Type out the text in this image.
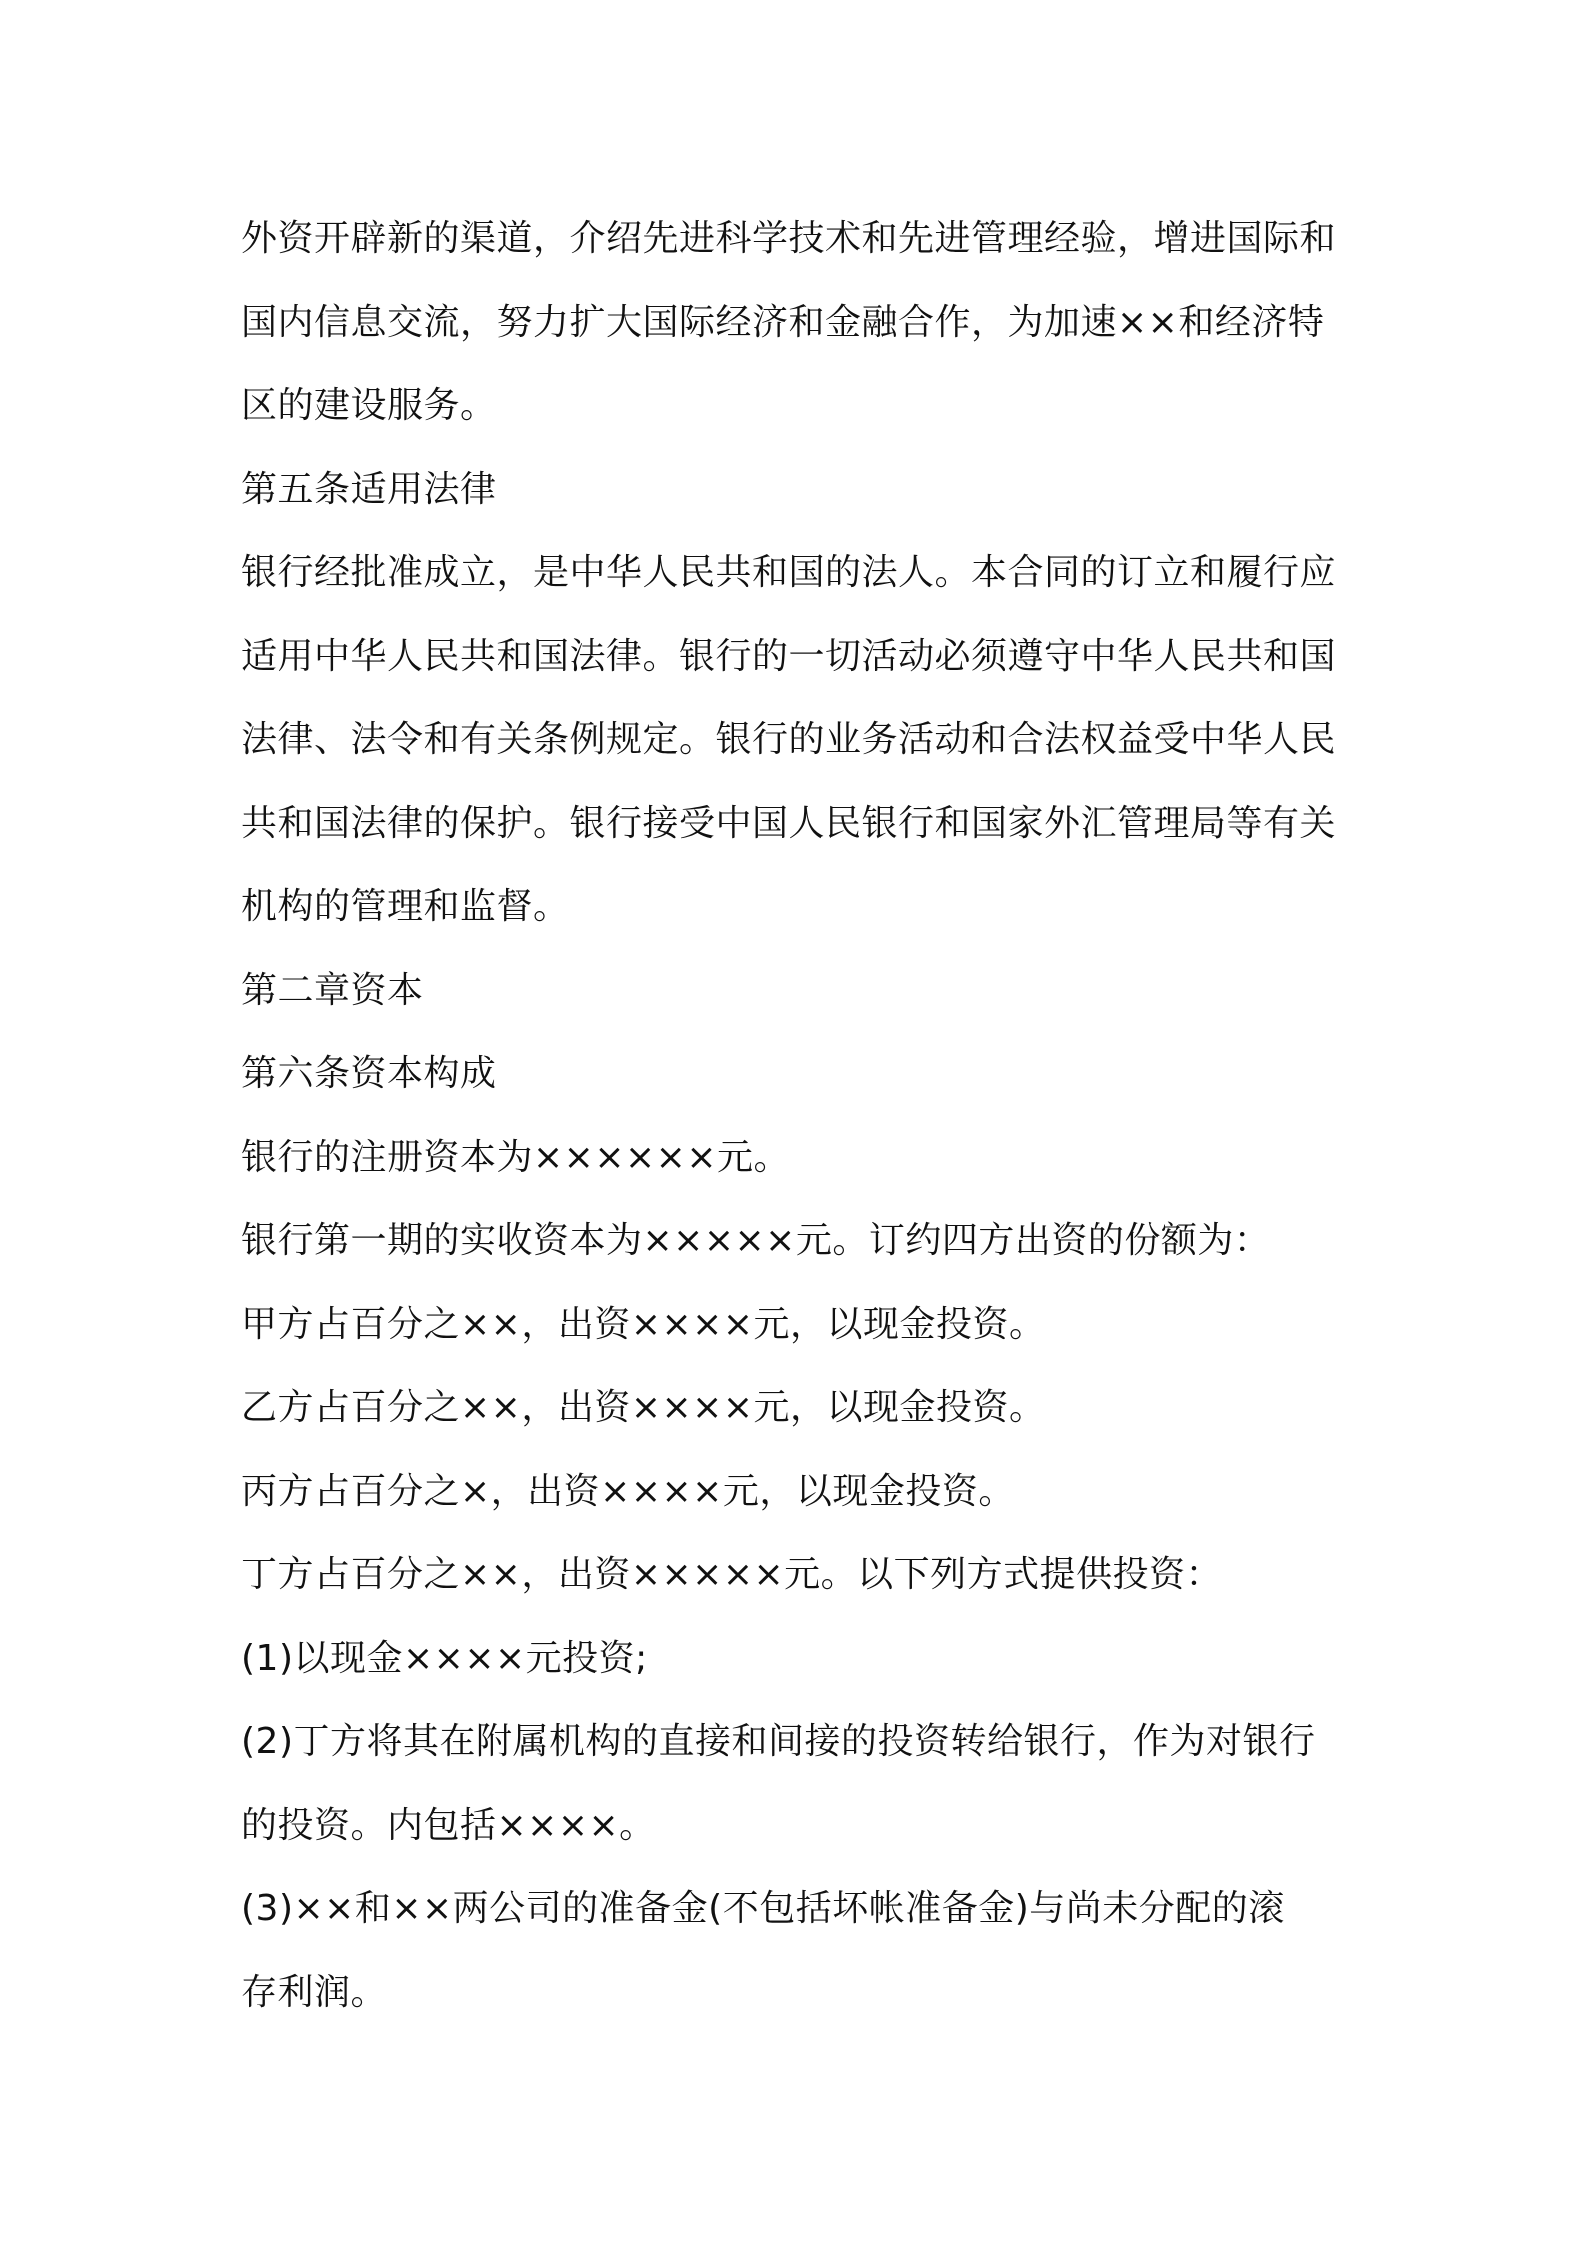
外资开辟新的渠道，介绍先进科学技术和先进管理经验，增进国际和
国内信息交流，努力扩大国际经济和金融合作，为加速××和经济特
区的建设服务。
第五条适用法律
银行经批准成立，是中华人民共和国的法人。本合同的订立和履行应
适用中华人民共和国法律。银行的一切活动必须遵守中华人民共和国
法律、法令和有关条例规定。银行的业务活动和合法权益受中华人民
共和国法律的保护。银行接受中国人民银行和国家外汇管理局等有关
机构的管理和监督。
第二章资本
第六条资本构成
银行的注册资本为××××××元。
银行第一期的实收资本为×××××元。订约四方出资的份额为：
甲方占百分之××，出资××××元，以现金投资。
乙方占百分之××，出资××××元，以现金投资。
丙方占百分之×，出资××××元，以现金投资。
丁方占百分之××，出资×××××元。以下列方式提供投资：
(1)以现金××××元投资;
(2)丁方将其在附属机构的直接和间接的投资转给银行，作为对银行
的投资。内包括××××。
(3)××和××两公司的准备金(不包括坏帐准备金)与尚未分配的滚
存利润。
